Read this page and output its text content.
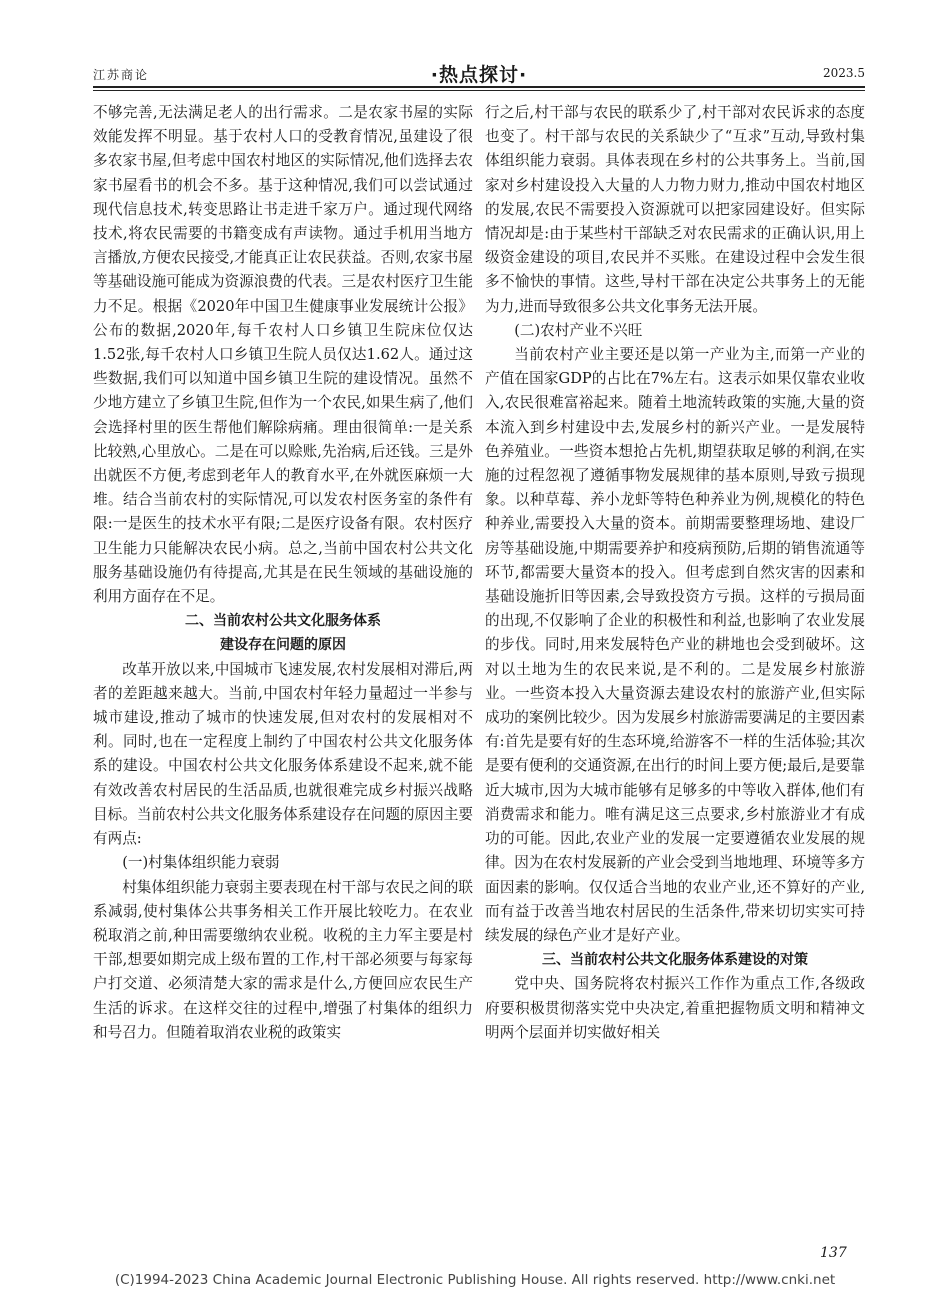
江苏商论	·热点探讨·	2023.5

不够完善,无法满足老人的出行需求。二是农家书屋的实际效能发挥不明显。基于农村人口的受教育情况,虽建设了很多农家书屋,但考虑中国农村地区的实际情况,他们选择去农家书屋看书的机会不多。基于这种情况,我们可以尝试通过现代信息技术,转变思路让书走进千家万户。通过现代网络技术,将农民需要的书籍变成有声读物。通过手机用当地方言播放,方便农民接受,才能真正让农民获益。否则,农家书屋等基础设施可能成为资源浪费的代表。三是农村医疗卫生能力不足。根据《2020年中国卫生健康事业发展统计公报》公布的数据,2020年,每千农村人口乡镇卫生院床位仅达1.52张,每千农村人口乡镇卫生院人员仅达1.62人。通过这些数据,我们可以知道中国乡镇卫生院的建设情况。虽然不少地方建立了乡镇卫生院,但作为一个农民,如果生病了,他们会选择村里的医生帮他们解除病痛。理由很简单:一是关系比较熟,心里放心。二是在可以赊账,先治病,后还钱。三是外出就医不方便,考虑到老年人的教育水平,在外就医麻烦一大堆。结合当前农村的实际情况,可以发农村医务室的条件有限:一是医生的技术水平有限;二是医疗设备有限。农村医疗卫生能力只能解决农民小病。总之,当前中国农村公共文化服务基础设施仍有待提高,尤其是在民生领域的基础设施的利用方面存在不足。

二、当前农村公共文化服务体系

建设存在问题的原因

改革开放以来,中国城市飞速发展,农村发展相对滞后,两者的差距越来越大。当前,中国农村年轻力量超过一半参与城市建设,推动了城市的快速发展,但对农村的发展相对不利。同时,也在一定程度上制约了中国农村公共文化服务体系的建设。中国农村公共文化服务体系建设不起来,就不能有效改善农村居民的生活品质,也就很难完成乡村振兴战略目标。当前农村公共文化服务体系建设存在问题的原因主要有两点:

(一)村集体组织能力衰弱

村集体组织能力衰弱主要表现在村干部与农民之间的联系减弱,使村集体公共事务相关工作开展比较吃力。在农业税取消之前,种田需要缴纳农业税。收税的主力军主要是村干部,想要如期完成上级布置的工作,村干部必须要与每家每户打交道、必须清楚大家的需求是什么,方便回应农民生产生活的诉求。在这样交往的过程中,增强了村集体的组织力和号召力。但随着取消农业税的政策实

行之后,村干部与农民的联系少了,村干部对农民诉求的态度也变了。村干部与农民的关系缺少了“互求”互动,导致村集体组织能力衰弱。具体表现在乡村的公共事务上。当前,国家对乡村建设投入大量的人力物力财力,推动中国农村地区的发展,农民不需要投入资源就可以把家园建设好。但实际情况却是:由于某些村干部缺乏对农民需求的正确认识,用上级资金建设的项目,农民并不买账。在建设过程中会发生很多不愉快的事情。这些,导村干部在决定公共事务上的无能为力,进而导致很多公共文化事务无法开展。

(二)农村产业不兴旺

当前农村产业主要还是以第一产业为主,而第一产业的产值在国家GDP的占比在7%左右。这表示如果仅靠农业收入,农民很难富裕起来。随着土地流转政策的实施,大量的资本流入到乡村建设中去,发展乡村的新兴产业。一是发展特色养殖业。一些资本想抢占先机,期望获取足够的利润,在实施的过程忽视了遵循事物发展规律的基本原则,导致亏损现象。以种草莓、养小龙虾等特色种养业为例,规模化的特色种养业,需要投入大量的资本。前期需要整理场地、建设厂房等基础设施,中期需要养护和疫病预防,后期的销售流通等环节,都需要大量资本的投入。但考虑到自然灾害的因素和基础设施折旧等因素,会导致投资方亏损。这样的亏损局面的出现,不仅影响了企业的积极性和利益,也影响了农业发展的步伐。同时,用来发展特色产业的耕地也会受到破坏。这对以土地为生的农民来说,是不利的。二是发展乡村旅游业。一些资本投入大量资源去建设农村的旅游产业,但实际成功的案例比较少。因为发展乡村旅游需要满足的主要因素有:首先是要有好的生态环境,给游客不一样的生活体验;其次是要有便利的交通资源,在出行的时间上要方便;最后,是要靠近大城市,因为大城市能够有足够多的中等收入群体,他们有消费需求和能力。唯有满足这三点要求,乡村旅游业才有成功的可能。因此,农业产业的发展一定要遵循农业发展的规律。因为在农村发展新的产业会受到当地地理、环境等多方面因素的影响。仅仅适合当地的农业产业,还不算好的产业,而有益于改善当地农村居民的生活条件,带来切切实实可持续发展的绿色产业才是好产业。

三、当前农村公共文化服务体系建设的对策

党中央、国务院将农村振兴工作作为重点工作,各级政府要积极贯彻落实党中央决定,着重把握物质文明和精神文明两个层面并切实做好相关

137
(C)1994-2023 China Academic Journal Electronic Publishing House. All rights reserved. http://www.cnki.net
